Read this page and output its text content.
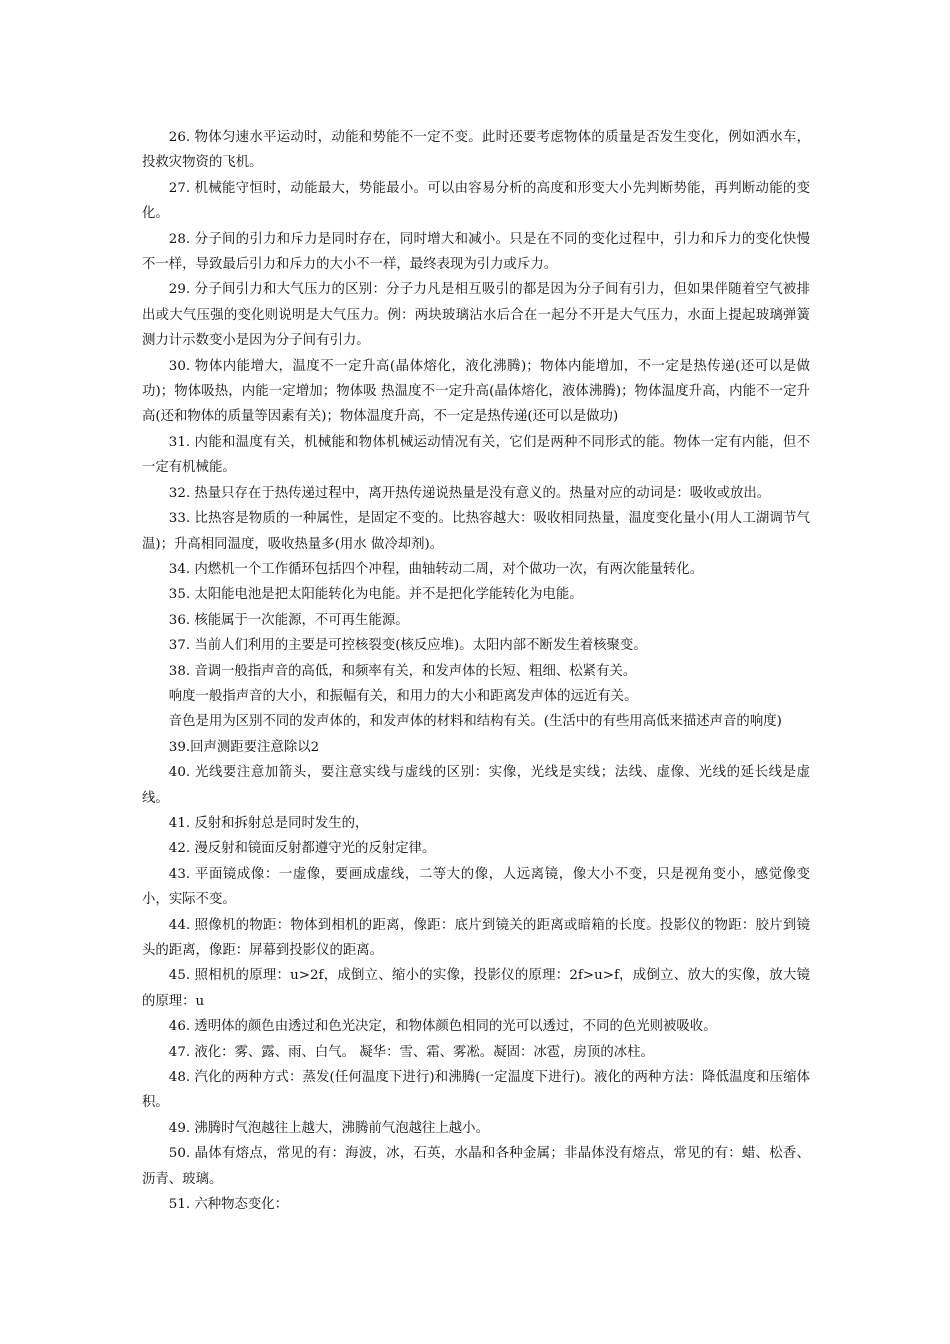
26. 物体匀速水平运动时，动能和势能不一定不变。此时还要考虑物体的质量是否发生变化，例如洒水车，投救灾物资的飞机。

27. 机械能守恒时，动能最大，势能最小。可以由容易分析的高度和形变大小先判断势能，再判断动能的变化。

28. 分子间的引力和斥力是同时存在，同时增大和减小。只是在不同的变化过程中，引力和斥力的变化快慢不一样，导致最后引力和斥力的大小不一样，最终表现为引力或斥力。

29. 分子间引力和大气压力的区别：分子力凡是相互吸引的都是因为分子间有引力，但如果伴随着空气被排出或大气压强的变化则说明是大气压力。例：两块玻璃沾水后合在一起分不开是大气压力，水面上提起玻璃弹簧测力计示数变小是因为分子间有引力。

30. 物体内能增大，温度不一定升高(晶体熔化，液化沸腾)；物体内能增加，不一定是热传递(还可以是做功)；物体吸热，内能一定增加；物体吸 热温度不一定升高(晶体熔化，液体沸腾)；物体温度升高，内能不一定升高(还和物体的质量等因素有关)；物体温度升高，不一定是热传递(还可以是做功)

31. 内能和温度有关，机械能和物体机械运动情况有关，它们是两种不同形式的能。物体一定有内能，但不一定有机械能。

32. 热量只存在于热传递过程中，离开热传递说热量是没有意义的。热量对应的动词是：吸收或放出。

33. 比热容是物质的一种属性，是固定不变的。比热容越大：吸收相同热量，温度变化量小(用人工湖调节气温)；升高相同温度，吸收热量多(用水 做冷却剂)。

34. 内燃机一个工作循环包括四个冲程，曲轴转动二周，对个做功一次，有两次能量转化。

35. 太阳能电池是把太阳能转化为电能。并不是把化学能转化为电能。

36. 核能属于一次能源，不可再生能源。

37. 当前人们利用的主要是可控核裂变(核反应堆)。太阳内部不断发生着核聚变。

38. 音调一般指声音的高低，和频率有关，和发声体的长短、粗细、松紧有关。

响度一般指声音的大小，和振幅有关，和用力的大小和距离发声体的远近有关。

音色是用为区别不同的发声体的，和发声体的材料和结构有关。(生活中的有些用高低来描述声音的响度)

39.回声测距要注意除以2

40. 光线要注意加箭头，要注意实线与虚线的区别：实像，光线是实线；法线、虚像、光线的延长线是虚线。

41. 反射和拆射总是同时发生的，

42. 漫反射和镜面反射都遵守光的反射定律。

43. 平面镜成像：一虚像，要画成虚线，二等大的像，人远离镜，像大小不变，只是视角变小，感觉像变小，实际不变。

44. 照像机的物距：物体到相机的距离，像距：底片到镜关的距离或暗箱的长度。投影仪的物距：胶片到镜头的距离，像距：屏幕到投影仪的距离。

45. 照相机的原理：u>2f，成倒立、缩小的实像，投影仪的原理：2f>u>f，成倒立、放大的实像，放大镜的原理：u

46. 透明体的颜色由透过和色光决定，和物体颜色相同的光可以透过，不同的色光则被吸收。

47. 液化：雾、露、雨、白气。 凝华：雪、霜、雾凇。凝固：冰雹，房顶的冰柱。

48. 汽化的两种方式：蒸发(任何温度下进行)和沸腾(一定温度下进行)。液化的两种方法：降低温度和压缩体积。

49. 沸腾时气泡越往上越大，沸腾前气泡越往上越小。

50. 晶体有熔点，常见的有：海波，冰，石英，水晶和各种金属；非晶体没有熔点，常见的有：蜡、松香、沥青、玻璃。

51. 六种物态变化：
